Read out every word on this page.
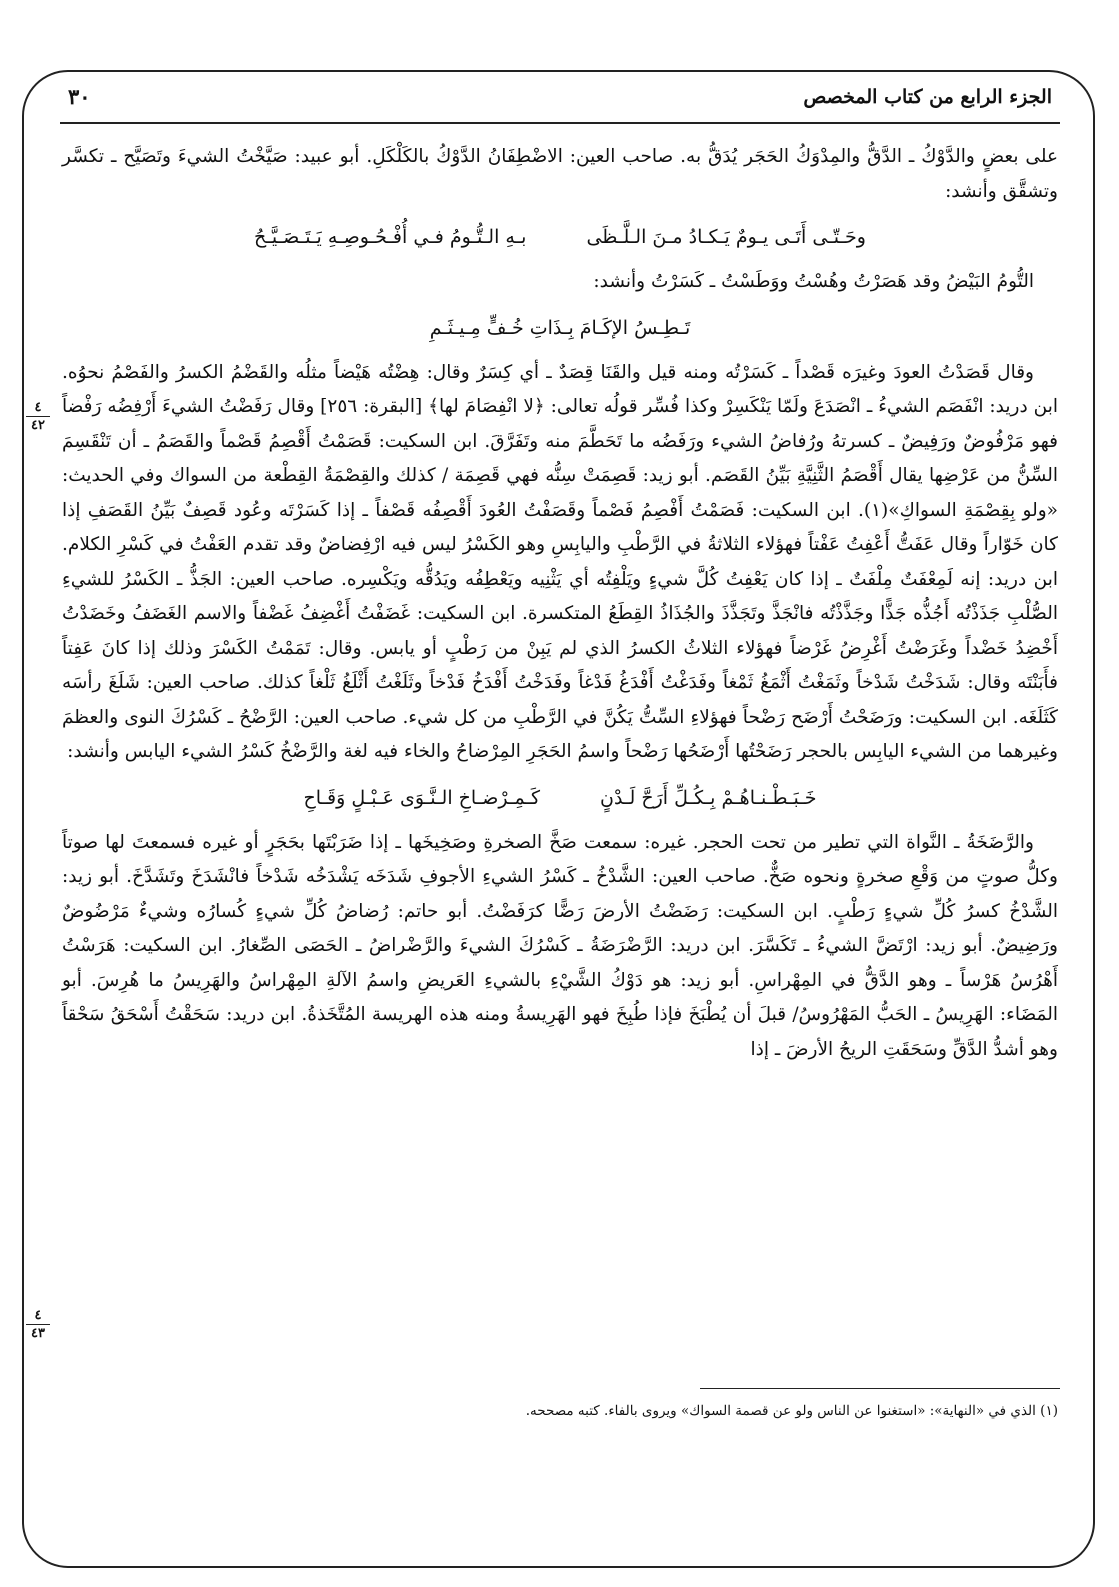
الجزء الرابع من كتاب المخصص
٣٠
٤
٤٢
٤
٤٣

على بعضٍ والدَّوْكُ ـ الدَّقُّ والمِدْوَكُ الحَجَر يُدَقُّ به. صاحب العين: الاضْطِفَانُ الدَّوْكُ بالكَلْكَلِ. أبو عبيد: صَيَّخْتُ الشيءَ وتَصَيَّح ـ تكسَّر وتشقَّق وأنشد:

وحَـتّـى أَتَـى يـومٌ يَـكـادُ مـنَ الـلَّـظَى
بـهِ الـتُّـومُ فـي أُفْـحُـوصِـهِ يَـتَـصَـيَّـحُ

التُّومُ البَيْضُ وقد هَصَرْتُ وهُسْتُ ووَطَسْتُ ـ كَسَرْتُ وأنشد:

تَـطِـسُ الإكَـامَ بِـذَاتِ خُـفٍّ مِـيـثَـمِ

وقال قَصَدْتُ العودَ وغيرَه قَصْداً ـ كَسَرْتُه ومنه قيل والقَنَا قِصَدٌ ـ أي كِسَرٌ وقال: هِضْتُه هَيْضاً مثلُه والقَضْمُ الكسرُ والفَصْمُ نحوُه. ابن دريد: انْفَصَم الشيءُ ـ انْصَدَعَ ولَمّا يَنْكَسِرْ وكذا فُسِّر قولُه تعالى: ﴿لا انْفِصَامَ لها﴾ [البقرة: ٢٥٦] وقال رَفَضْتُ الشيءَ أَرْفِضُه رَفْضاً فهو مَرْفُوضٌ ورَفِيضٌ ـ كسرتهُ ورُفاضُ الشيء ورَفَضُه ما تَحَطَّمَ منه وتَفَرَّقَ. ابن السكيت: قَصَمْتُ أَقْصِمُ قَصْماً والقَصَمُ ـ أن تَنْقَسِمَ السِّنُّ من عَرْضِها يقال أَقْصَمُ الثَّنِيَّةِ بَيِّنُ القَصَم. أبو زيد: قَصِمَتْ سِنُّه فهي قَصِمَة / كذلك والقِصْمَةُ القِطْعة من السواك وفي الحديث: «ولو بِقِصْمَةِ السواكِ»(١). ابن السكيت: فَصَمْتُ أَفْصِمُ فَصْماً وقَصَفْتُ العُودَ أَقْصِفُه قَصْفاً ـ إذا كَسَرْتَه وعُود قَصِفٌ بَيِّنُ القَصَفِ إذا كان خَوّاراً وقال عَفَتُّ أَعْفِتُ عَفْتاً فهؤلاء الثلاثةُ في الرَّطْبِ واليابِسِ وهو الكَسْرُ ليس فيه ارْفِضاضٌ وقد تقدم العَفْتُ في كَسْرِ الكلام. ابن دريد: إنه لَمِعْفَتٌ مِلْفَتٌ ـ إذا كان يَعْفِتُ كُلَّ شيءٍ ويَلْفِتُه أي يَثْنِيه ويَعْطِفُه ويَدُقُّه ويَكْسِره. صاحب العين: الجَذُّ ـ الكَسْرُ للشيءِ الصُّلْبِ جَذَذْتُه أَجُذُّه جَذًّا وجَذَّذْتُه فانْجَذَّ وتَجَذَّذَ والجُذَاذُ القِطَعُ المتكسرة. ابن السكيت: غَضَفْتُ أَغْضِفُ غَضْفاً والاسم الغَضَفُ وخَضَدْتُ أَخْضِدُ خَضْداً وغَرَضْتُ أَغْرِضُ غَرْضاً فهؤلاء الثلاثُ الكسرُ الذي لم يَبِنْ من رَطْبٍ أو يابس. وقال: تَمَمْتُ الكَسْرَ وذلك إذا كانَ عَفِتاً فأَبَنْتَه وقال: شَدَخْتُ شَدْخاً وثَمَغْتُ أَثْمَغُ ثَمْغاً وفَدَغْتُ أَفْدَغُ فَدْغاً وفَدَخْتُ أَفْدَخُ فَدْخاً وثَلَغْتُ أَثْلَغُ ثَلْغاً كذلك. صاحب العين: شَلَغَ رأسَه كَثَلَغَه. ابن السكيت: ورَضَحْتُ أَرْضَح رَضْحاً فهؤلاءِ السِّتُّ يَكُنَّ في الرَّطْبِ من كل شيء. صاحب العين: الرَّضْحُ ـ كَسْرُكَ النوى والعظمَ وغيرهما من الشيء اليابِس بالحجر رَضَحْتُها أَرْضَحُها رَضْحاً واسمُ الحَجَرِ المِرْضاحُ والخاء فيه لغة والرَّضْخُ كَسْرُ الشيء اليابس وأنشد:

خَـبَـطْـنـاهُـمْ بِـكُـلِّ أَرَحَّ لَـدْنٍ
كَـمِـرْضـاخِ الـنَّـوَى عَـبْـلٍ وَقَـاحِ

والرَّضَخَةُ ـ النَّواة التي تطير من تحت الحجر. غيره: سمعت صَخَّ الصخرةِ وصَخِيخَها ـ إذا ضَرَبْتَها بحَجَرٍ أو غيره فسمعتَ لها صوتاً وكلُّ صوتٍ من وَقْعِ صخرةٍ ونحوه صَخٌّ. صاحب العين: الشَّدْخُ ـ كَسْرُ الشيءِ الأجوفِ شَدَخَه يَشْدَخُه شَدْخاً فانْشَدَخَ وتَشَدَّخَ. أبو زيد: الشَّدْخُ كسرُ كُلِّ شيءٍ رَطْبٍ. ابن السكيت: رَضَضْتُ الأرضَ رَضًّا كرَفَضْتُ. أبو حاتم: رُضاضُ كُلِّ شيءٍ كُسارُه وشيءٌ مَرْضُوضٌ ورَضِيضٌ. أبو زيد: ارْتَضَّ الشيءُ ـ تَكَسَّرَ. ابن دريد: الرَّضْرَضَةُ ـ كَسْرُكَ الشيءَ والرَّضْراضُ ـ الحَصَى الصِّغارُ. ابن السكيت: هَرَسْتُ أَهْرُسُ هَرْساً ـ وهو الدَّقُّ في المِهْراسِ. أبو زيد: هو دَوْكُ الشَّيْءِ بالشيءِ العَريضِ واسمُ الآلةِ المِهْراسُ والهَرِيسُ ما هُرِسَ. أبو المَضَاء: الهَرِيسُ ـ الحَبُّ المَهْرُوسُ/ قبلَ أن يُطْبَخَ فإذا طُبِخَ فهو الهَرِيسةُ ومنه هذه الهريسة المُتَّخَذةُ. ابن دريد: سَحَقْتُ أَسْحَقُ سَحْقاً وهو أشدُّ الدَّقِّ وسَحَقَتِ الريحُ الأرضَ ـ إذا

(١) الذي في «النهاية»: «استغنوا عن الناس ولو عن قصمة السواك» ويروى بالفاء. كتبه مصححه.
